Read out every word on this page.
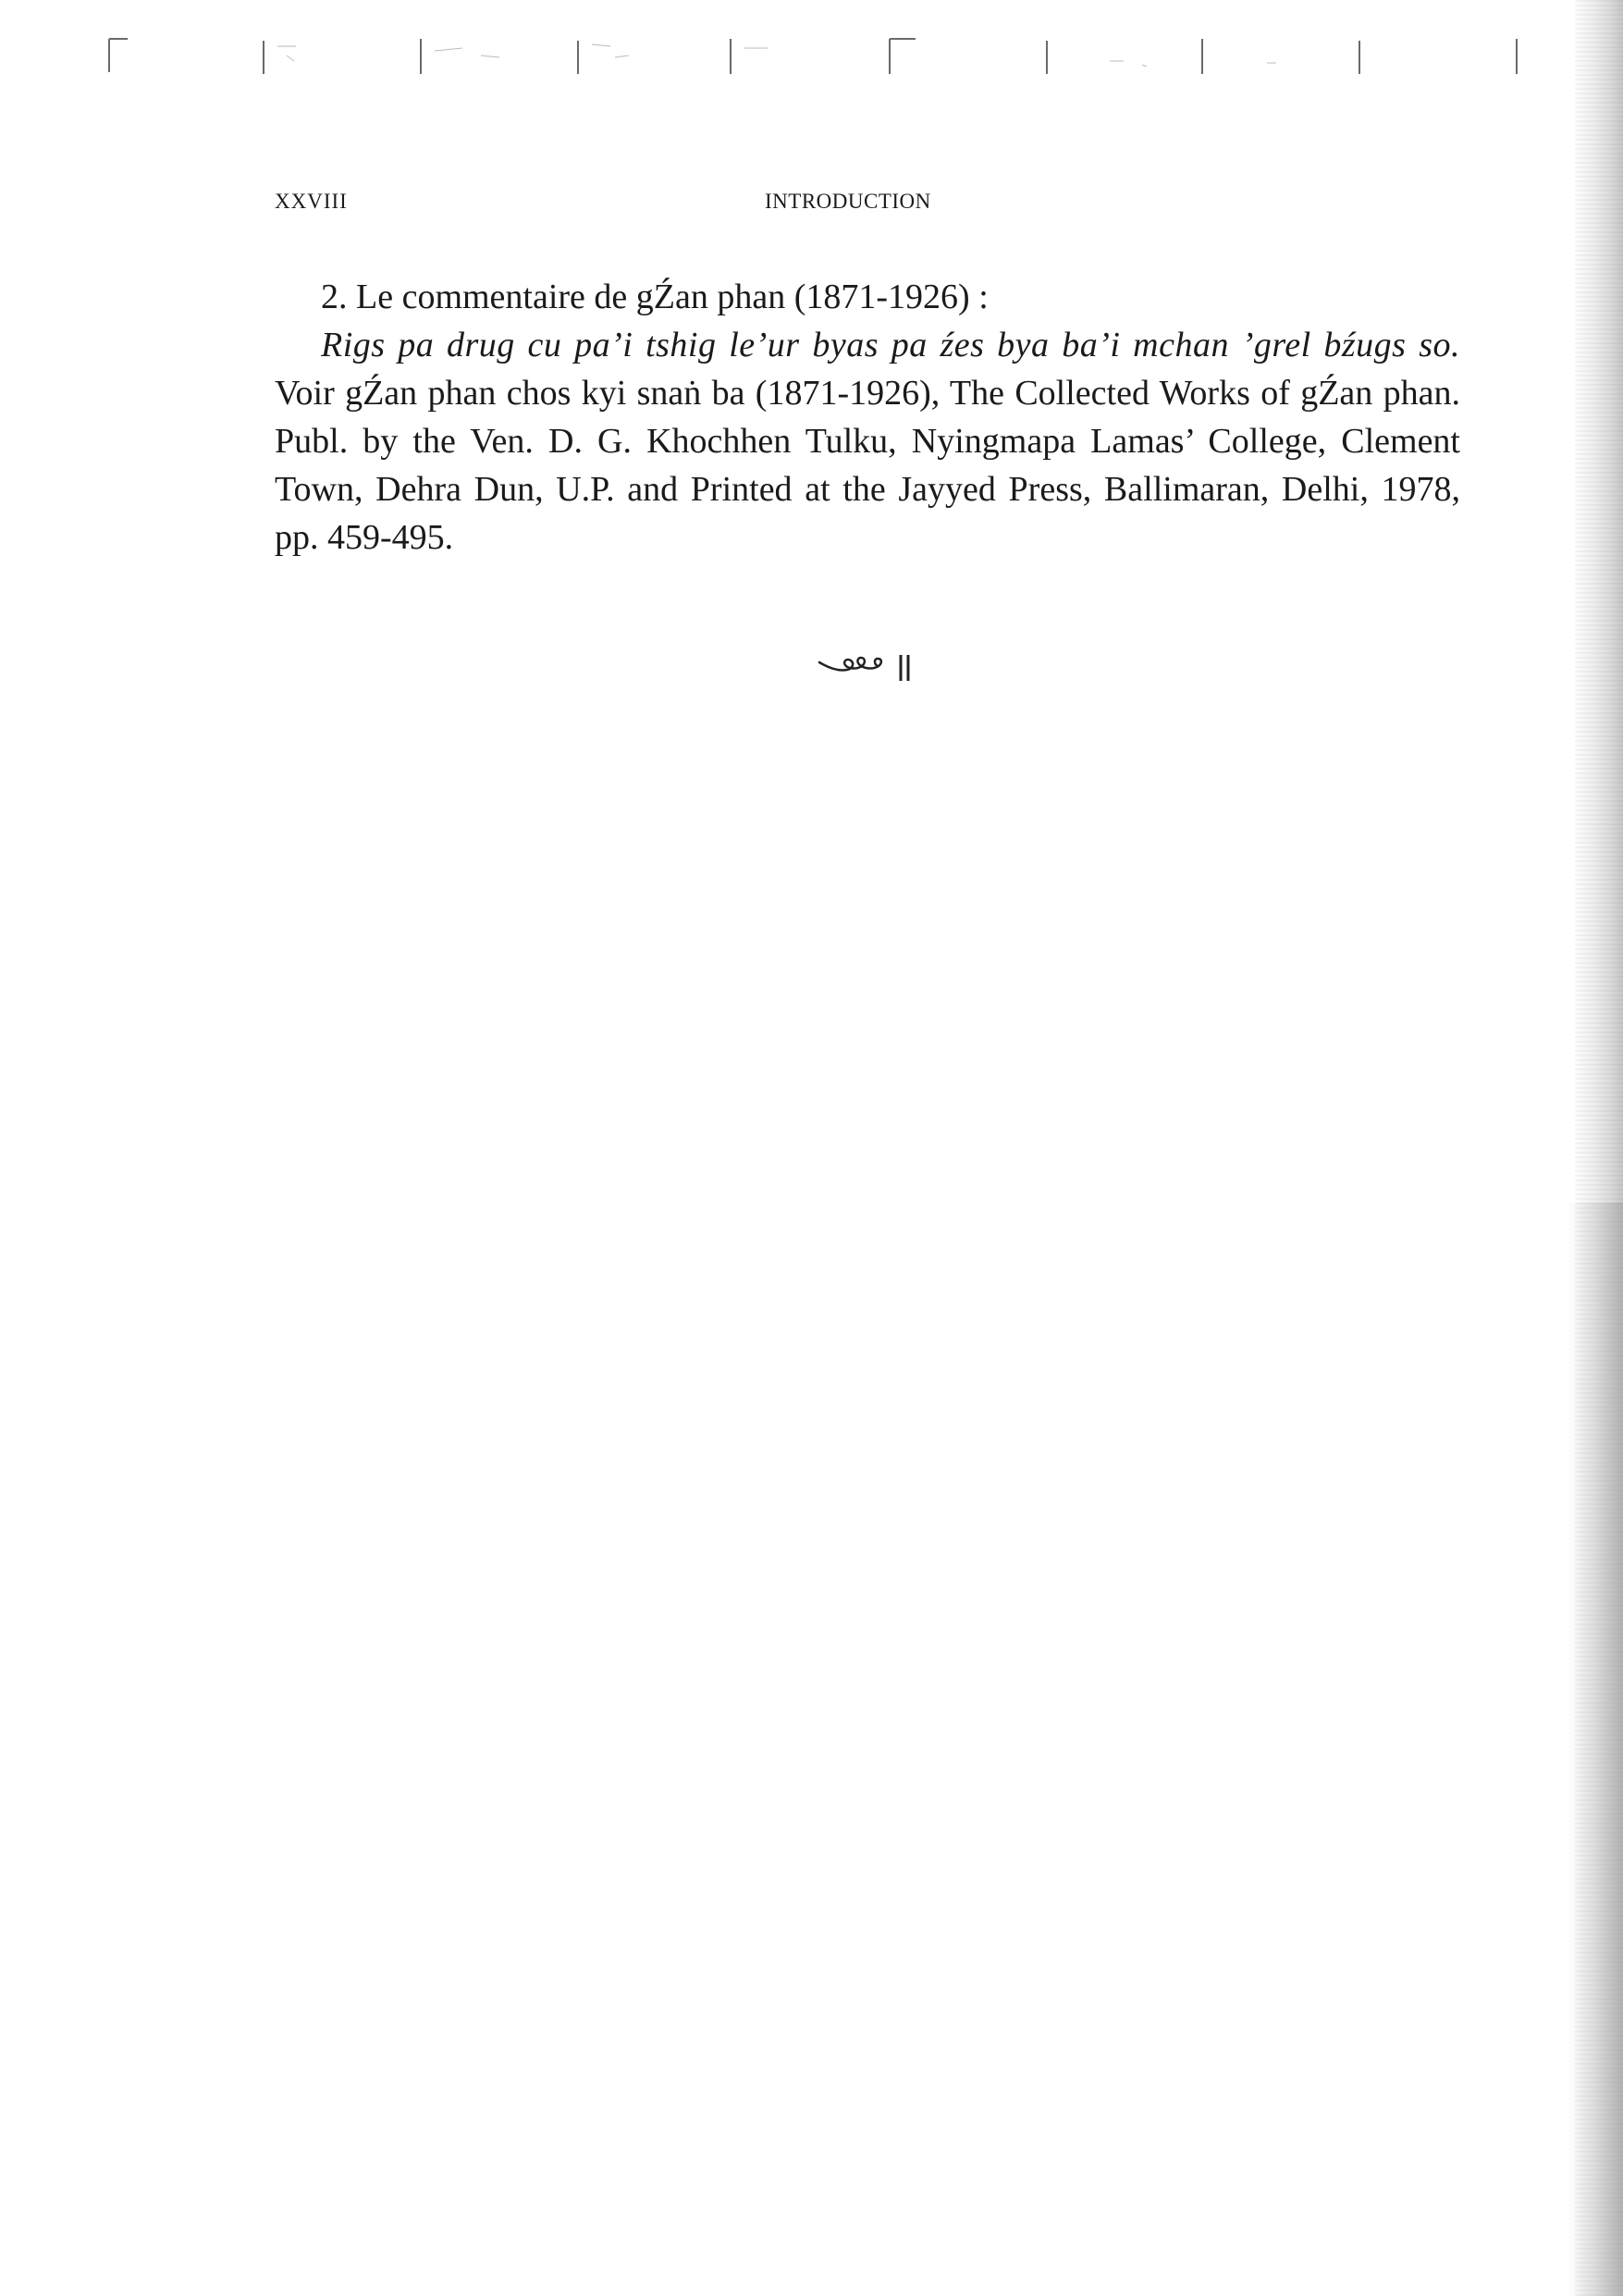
XXVIII	INTRODUCTION

2. Le commentaire de gŹan phan (1871-1926) :

Rigs pa drug cu pa’i tshig le’ur byas pa źes bya ba’i mchan ’grel bźugs so. Voir gŹan phan chos kyi snaṅ ba (1871-1926), The Collected Works of gŹan phan. Publ. by the Ven. D. G. Khochhen Tulku, Nyingmapa Lamas’ College, Clement Town, Dehra Dun, U.P. and Printed at the Jayyed Press, Ballimaran, Delhi, 1978, pp. 459-495.
